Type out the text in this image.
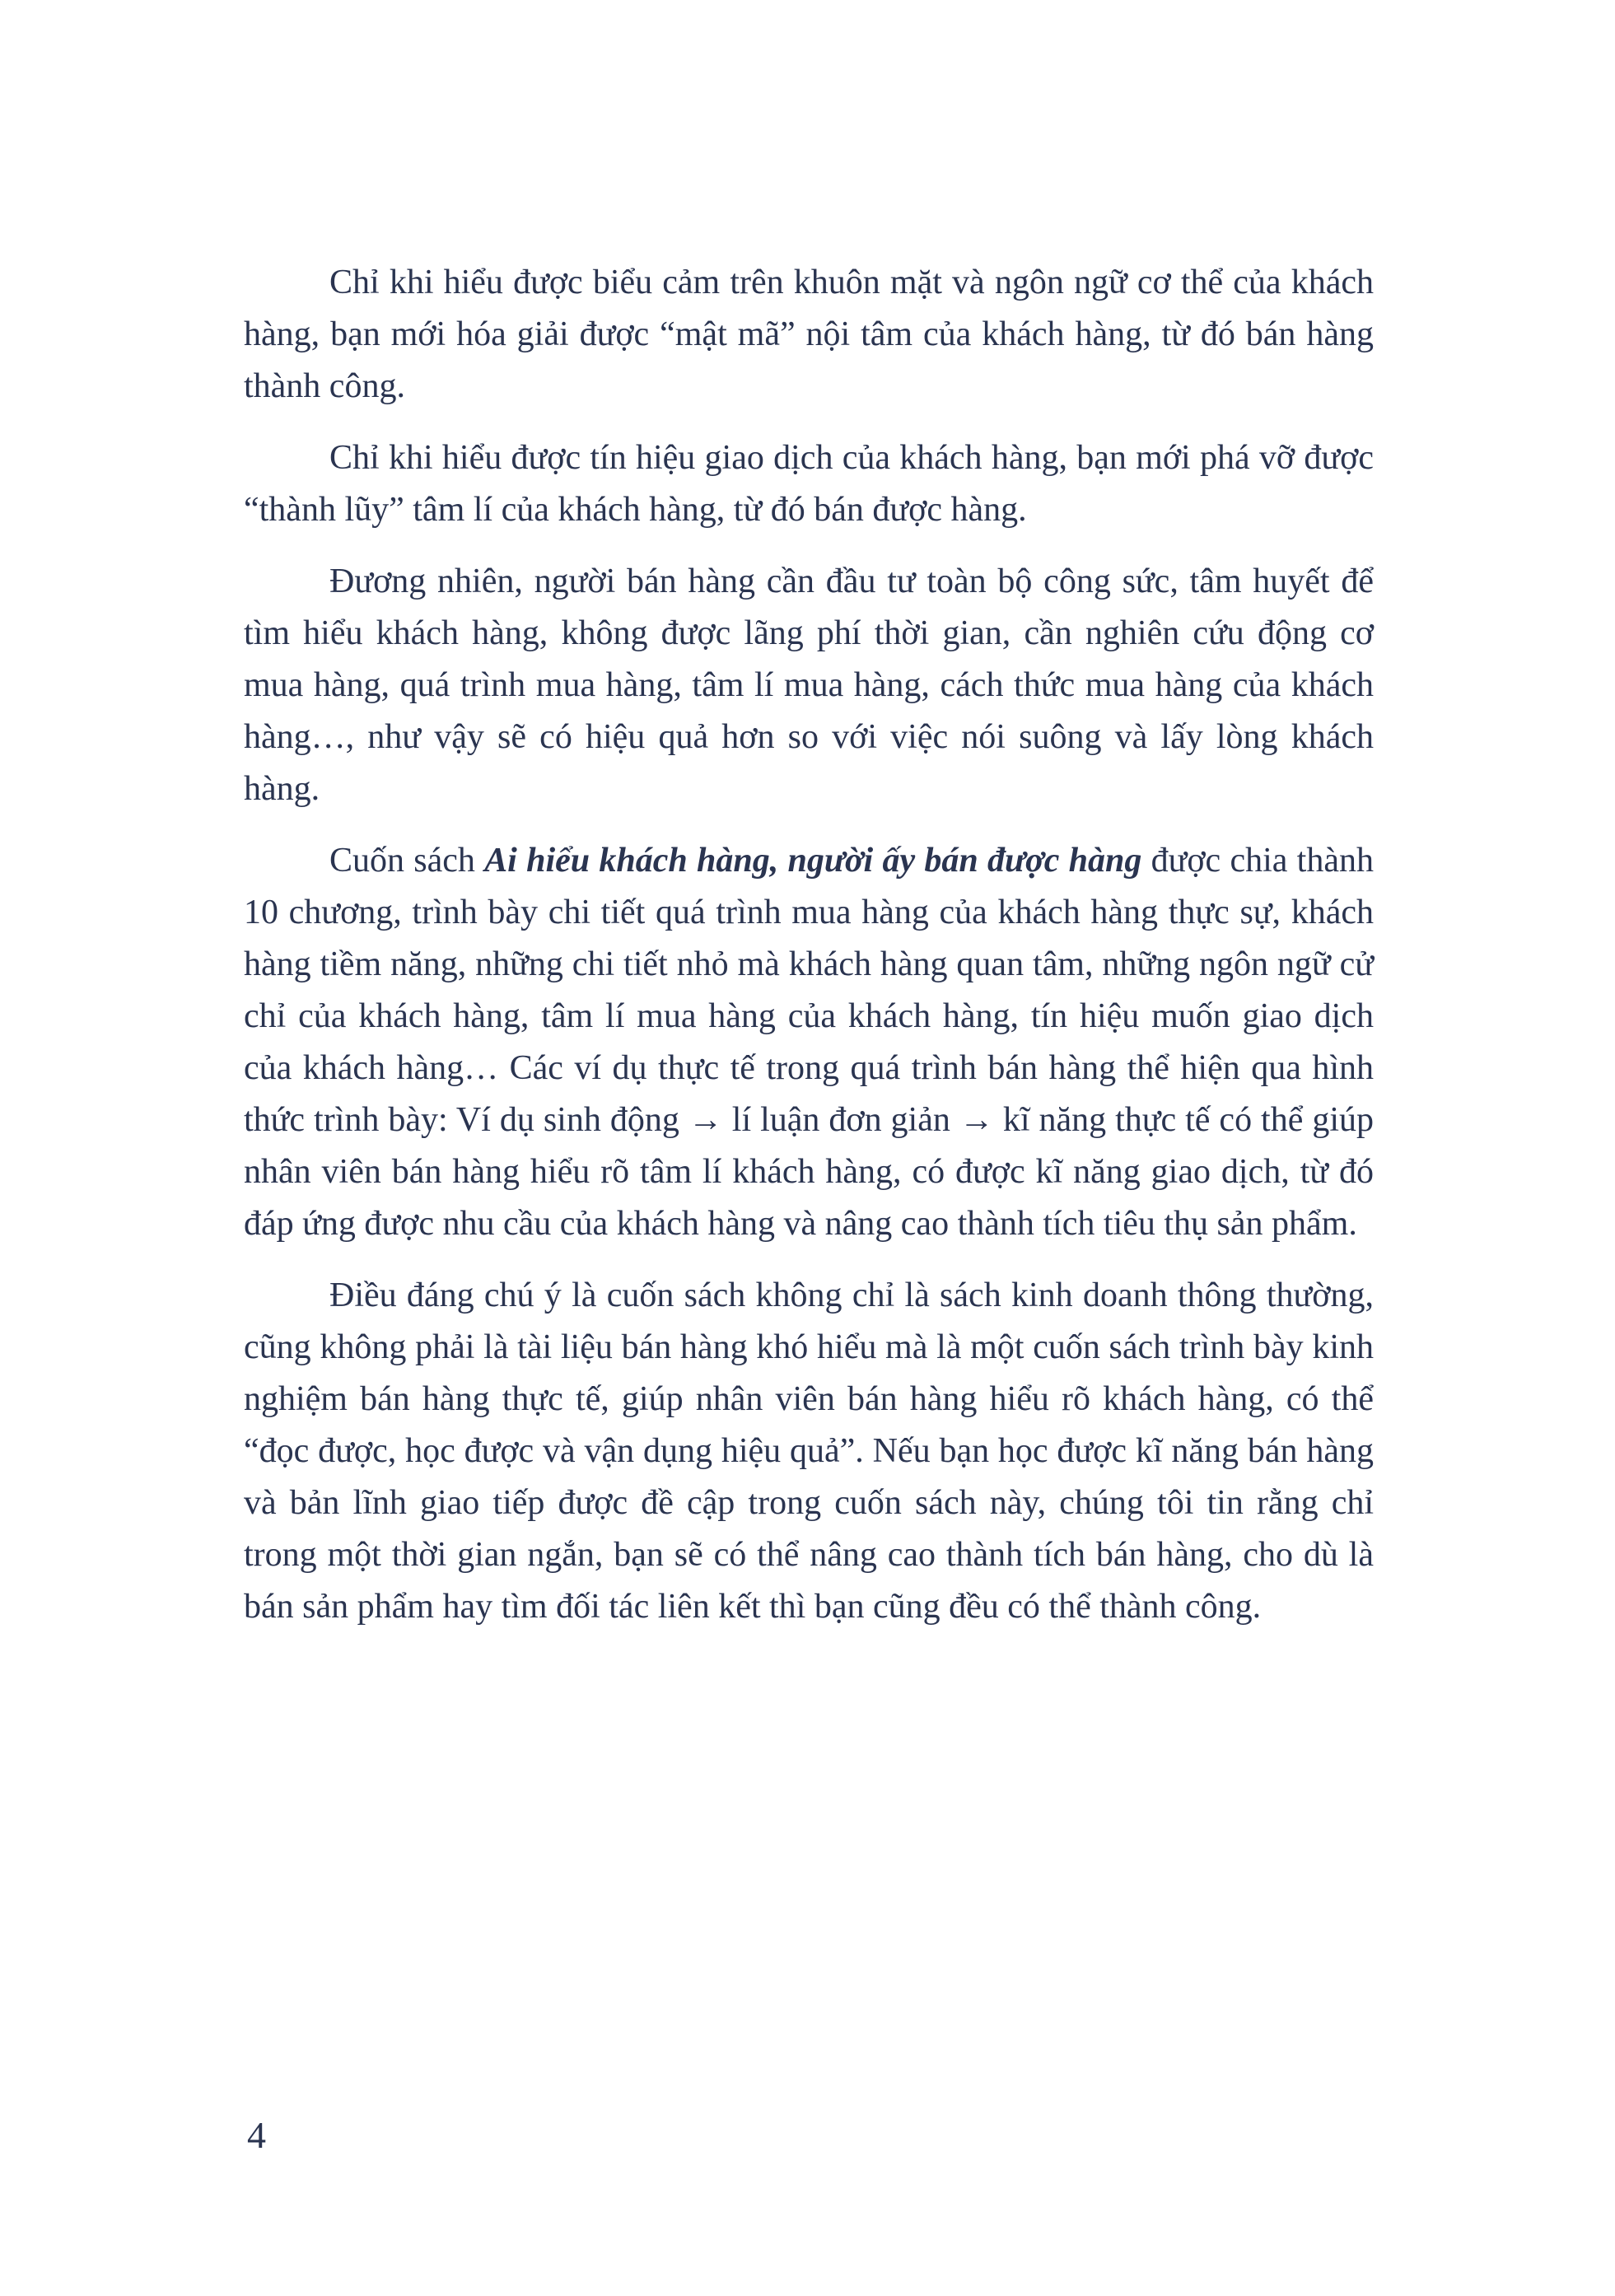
Chỉ khi hiểu được biểu cảm trên khuôn mặt và ngôn ngữ cơ thể của khách hàng, bạn mới hóa giải được “mật mã” nội tâm của khách hàng, từ đó bán hàng thành công.

Chỉ khi hiểu được tín hiệu giao dịch của khách hàng, bạn mới phá vỡ được “thành lũy” tâm lí của khách hàng, từ đó bán được hàng.

Đương nhiên, người bán hàng cần đầu tư toàn bộ công sức, tâm huyết để tìm hiểu khách hàng, không được lãng phí thời gian, cần nghiên cứu động cơ mua hàng, quá trình mua hàng, tâm lí mua hàng, cách thức mua hàng của khách hàng…, như vậy sẽ có hiệu quả hơn so với việc nói suông và lấy lòng khách hàng.

Cuốn sách Ai hiểu khách hàng, người ấy bán được hàng được chia thành 10 chương, trình bày chi tiết quá trình mua hàng của khách hàng thực sự, khách hàng tiềm năng, những chi tiết nhỏ mà khách hàng quan tâm, những ngôn ngữ cử chỉ của khách hàng, tâm lí mua hàng của khách hàng, tín hiệu muốn giao dịch của khách hàng… Các ví dụ thực tế trong quá trình bán hàng thể hiện qua hình thức trình bày: Ví dụ sinh động → lí luận đơn giản → kĩ năng thực tế có thể giúp nhân viên bán hàng hiểu rõ tâm lí khách hàng, có được kĩ năng giao dịch, từ đó đáp ứng được nhu cầu của khách hàng và nâng cao thành tích tiêu thụ sản phẩm.

Điều đáng chú ý là cuốn sách không chỉ là sách kinh doanh thông thường, cũng không phải là tài liệu bán hàng khó hiểu mà là một cuốn sách trình bày kinh nghiệm bán hàng thực tế, giúp nhân viên bán hàng hiểu rõ khách hàng, có thể “đọc được, học được và vận dụng hiệu quả”. Nếu bạn học được kĩ năng bán hàng và bản lĩnh giao tiếp được đề cập trong cuốn sách này, chúng tôi tin rằng chỉ trong một thời gian ngắn, bạn sẽ có thể nâng cao thành tích bán hàng, cho dù là bán sản phẩm hay tìm đối tác liên kết thì bạn cũng đều có thể thành công.

4
